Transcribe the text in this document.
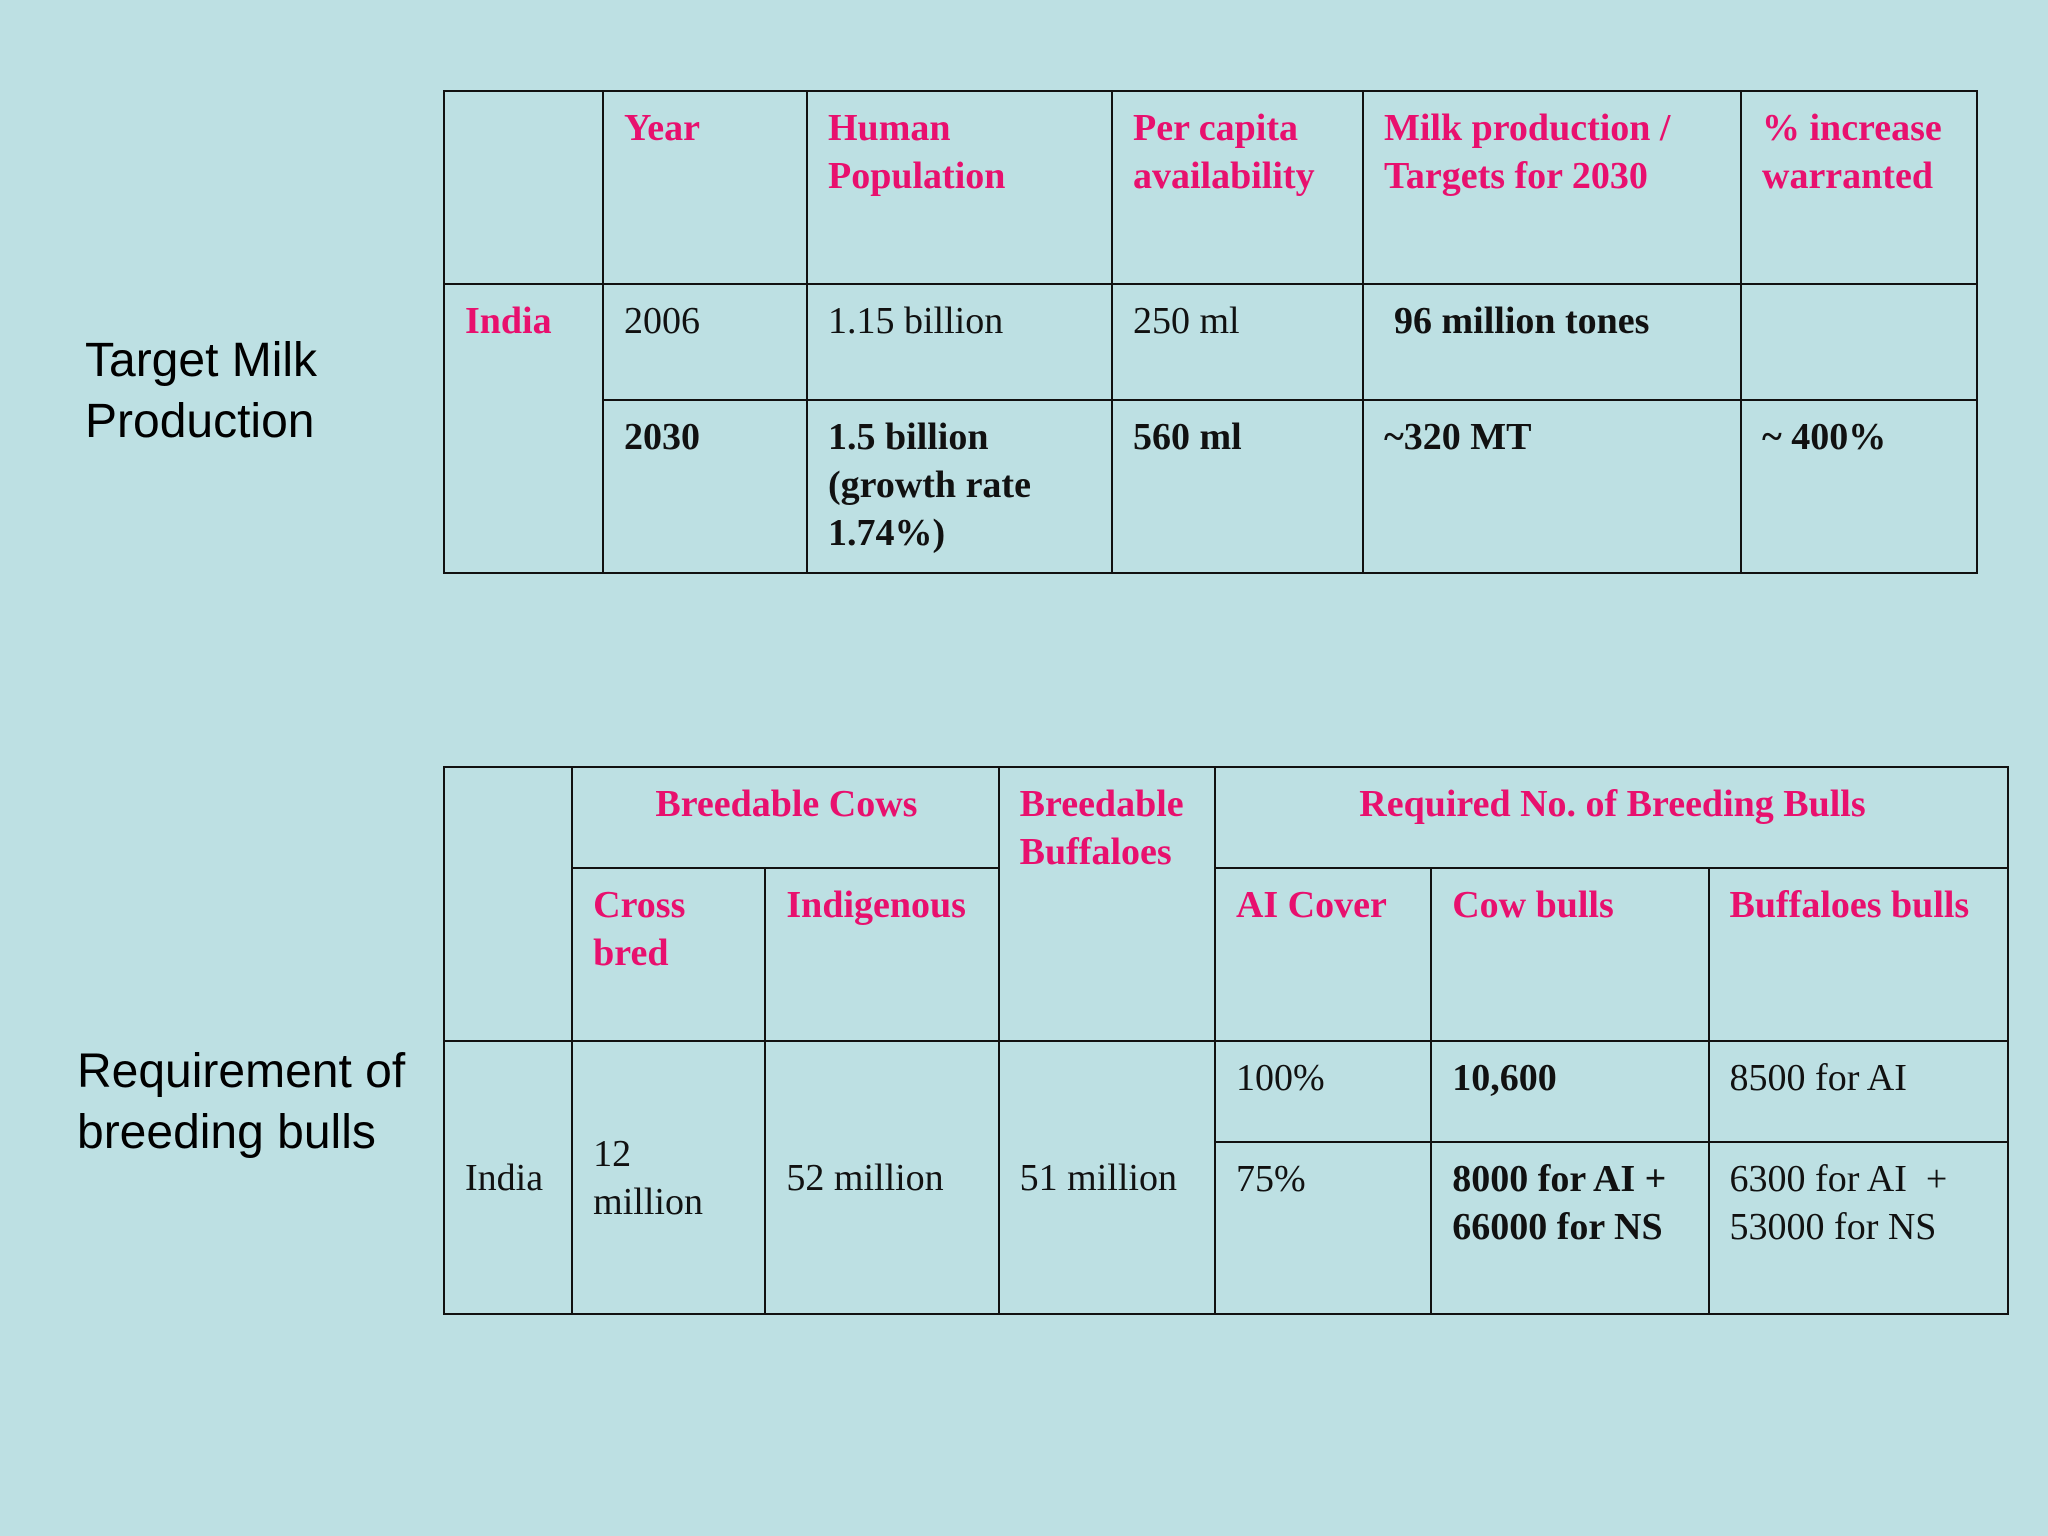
Target Milk
Production
Requirement of
breeding bulls
	Year	Human Population	Per capita availability	Milk production / Targets for 2030	% increase warranted
India	2006	1.15 billion	250 ml	96 million tones	
	2030	1.5 billion (growth rate 1.74%)	560 ml	~320 MT	~ 400%
	Breedable Cows		Breedable Buffaloes	Required No. of Breeding Bulls		
	Cross bred	Indigenous		AI Cover	Cow bulls	Buffaloes bulls
India	12 million	52 million	51 million	100%	10,600	8500 for AI
				75%	8000 for AI + 66000 for NS	6300 for AI  + 53000 for NS
